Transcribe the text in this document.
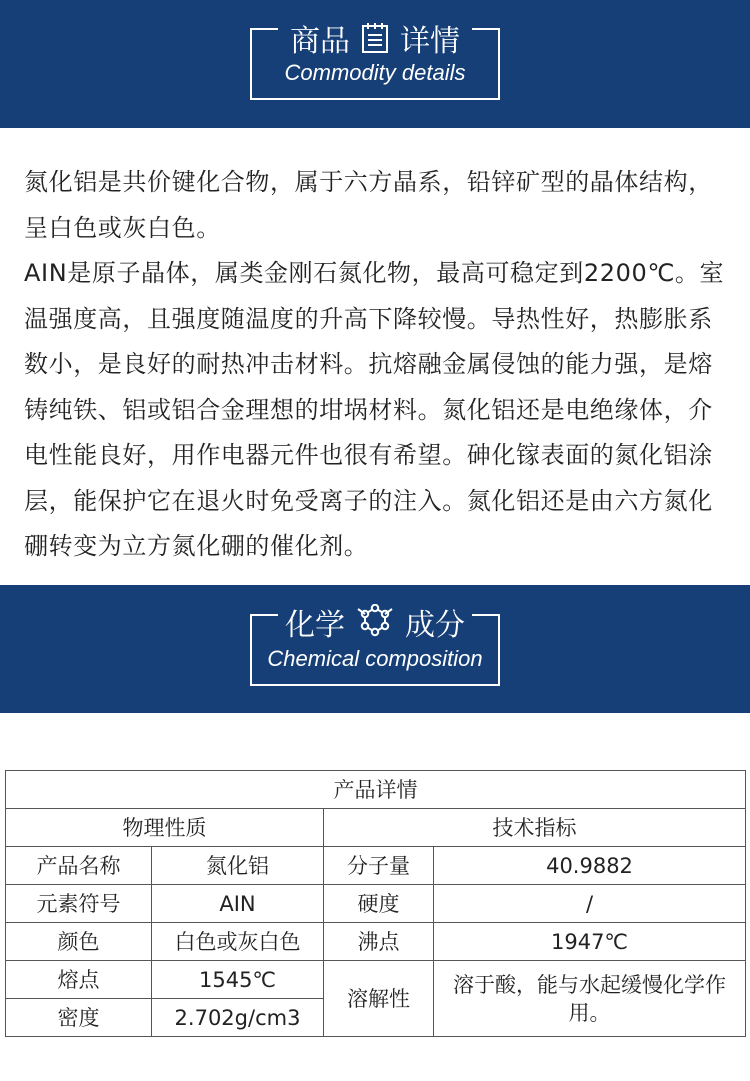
商品 详情
Commodity details

氮化铝是共价键化合物，属于六方晶系，铅锌矿型的晶体结构，呈白色或灰白色。

AIN是原子晶体，属类金刚石氮化物，最高可稳定到2200℃。室温强度高，且强度随温度的升高下降较慢。导热性好，热膨胀系数小，是良好的耐热冲击材料。抗熔融金属侵蚀的能力强，是熔铸纯铁、铝或铝合金理想的坩埚材料。氮化铝还是电绝缘体，介电性能良好，用作电器元件也很有希望。砷化镓表面的氮化铝涂层，能保护它在退火时免受离子的注入。氮化铝还是由六方氮化硼转变为立方氮化硼的催化剂。

化学 成分
Chemical composition
产品详情			
物理性质		技术指标	
产品名称	氮化铝	分子量	40.9882
元素符号	AIN	硬度	/
颜色	白色或灰白色	沸点	1947℃
熔点	1545℃	溶解性	溶于酸，能与水起缓慢化学作用。
密度	2.702g/cm3		
